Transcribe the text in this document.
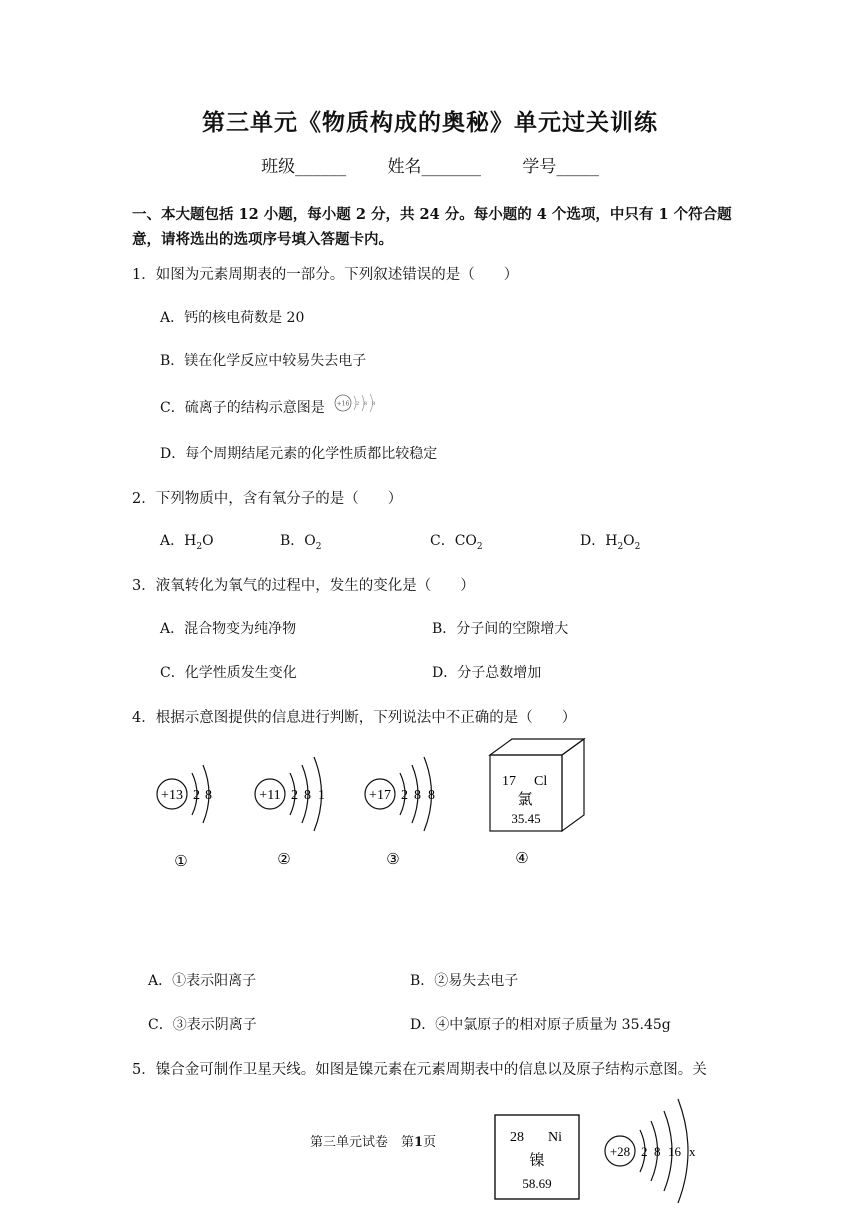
第三单元《物质构成的奥秘》单元过关训练
班级______ 姓名_______ 学号_____
一、本大题包括 12 小题，每小题 2 分，共 24 分。每小题的 4 个选项，中只有 1 个符合题
意，请将选出的选项序号填入答题卡内。
1．如图为元素周期表的一部分。下列叙述错误的是（　　）
A．钙的核电荷数是 20
B．镁在化学反应中较易失去电子
C．硫离子的结构示意图是 +16 2 8 8
D．每个周期结尾元素的化学性质都比较稳定
2．下列物质中，含有氧分子的是（　　）
A．$H_2O$	B．$O_2$	C．$CO_2$	D．$H_2O_2$
3．液氧转化为氧气的过程中，发生的变化是（　　）
A．混合物变为纯净物	B．分子间的空隙增大
C．化学性质发生变化	D．分子总数增加
4．根据示意图提供的信息进行判断，下列说法中不正确的是（　　）
+13 2 8
①
+11 2 8 1
②
+17 2 8 8
③
17 Cl
氯
35.45
④
A．①表示阳离子	B．②易失去电子
C．③表示阴离子	D．④中氯原子的相对原子质量为 35.45g
5．镍合金可制作卫星天线。如图是镍元素在元素周期表中的信息以及原子结构示意图。关
28 Ni
镍
58.69
+28 2 8 16 x
第三单元试卷　第1页
